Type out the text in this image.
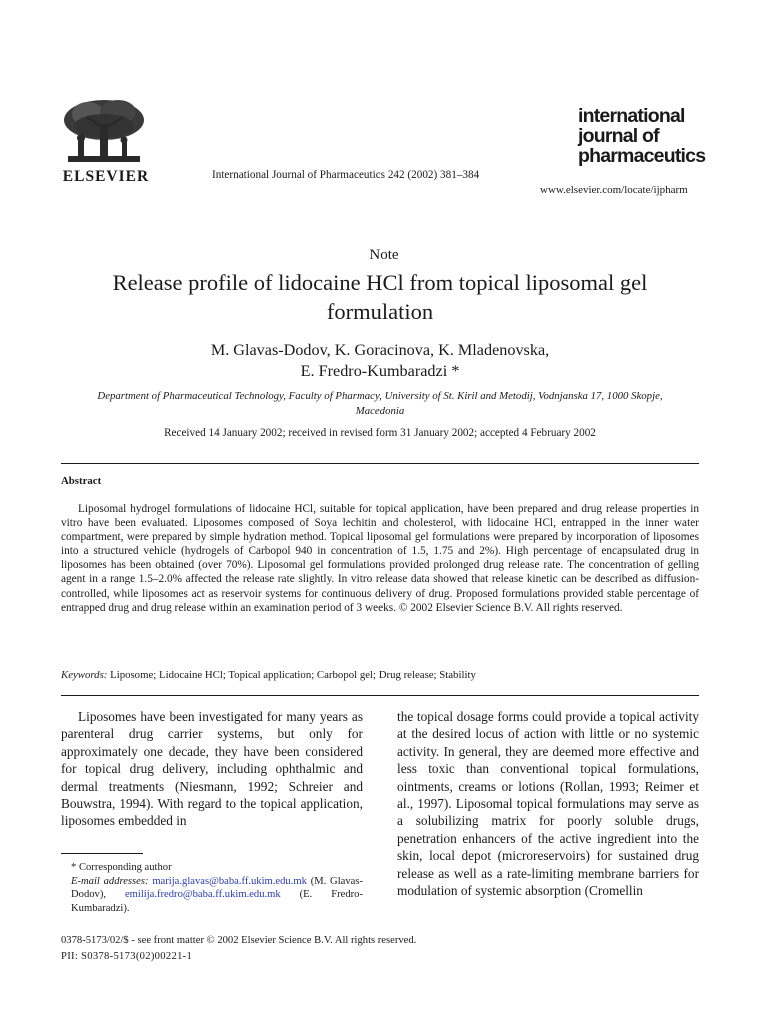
ELSEVIER	International Journal of Pharmaceutics 242 (2002) 381–384
international
journal of
pharmaceutics
www.elsevier.com/locate/ijpharm
Note
Release profile of lidocaine HCl from topical liposomal gel formulation
M. Glavas-Dodov, K. Goracinova, K. Mladenovska,
E. Fredro-Kumbaradzi *
Department of Pharmaceutical Technology, Faculty of Pharmacy, University of St. Kiril and Metodij, Vodnjanska 17, 1000 Skopje, Macedonia
Received 14 January 2002; received in revised form 31 January 2002; accepted 4 February 2002
Abstract
Liposomal hydrogel formulations of lidocaine HCl, suitable for topical application, have been prepared and drug release properties in vitro have been evaluated. Liposomes composed of Soya lechitin and cholesterol, with lidocaine HCl, entrapped in the inner water compartment, were prepared by simple hydration method. Topical liposomal gel formulations were prepared by incorporation of liposomes into a structured vehicle (hydrogels of Carbopol 940 in concentration of 1.5, 1.75 and 2%). High percentage of encapsulated drug in liposomes has been obtained (over 70%). Liposomal gel formulations provided prolonged drug release rate. The concentration of gelling agent in a range 1.5–2.0% affected the release rate slightly. In vitro release data showed that release kinetic can be described as diffusion-controlled, while liposomes act as reservoir systems for continuous delivery of drug. Proposed formulations provided stable percentage of entrapped drug and drug release within an examination period of 3 weeks. © 2002 Elsevier Science B.V. All rights reserved.
Keywords: Liposome; Lidocaine HCl; Topical application; Carbopol gel; Drug release; Stability
Liposomes have been investigated for many years as parenteral drug carrier systems, but only for approximately one decade, they have been considered for topical drug delivery, including ophthalmic and dermal treatments (Niesmann, 1992; Schreier and Bouwstra, 1994). With regard to the topical application, liposomes embedded in
the topical dosage forms could provide a topical activity at the desired locus of action with little or no systemic activity. In general, they are deemed more effective and less toxic than conventional topical formulations, ointments, creams or lotions (Rollan, 1993; Reimer et al., 1997). Liposomal topical formulations may serve as a solubilizing matrix for poorly soluble drugs, penetration enhancers of the active ingredient into the skin, local depot (microreservoirs) for sustained drug release as well as a rate-limiting membrane barriers for modulation of systemic absorption (Cromellin
* Corresponding author
E-mail addresses: marija.glavas@baba.ff.ukim.edu.mk (M. Glavas-Dodov), emilija.fredro@baba.ff.ukim.edu.mk (E. Fredro-Kumbaradzi).
0378-5173/02/$ - see front matter © 2002 Elsevier Science B.V. All rights reserved.
PII: S0378-5173(02)00221-1
